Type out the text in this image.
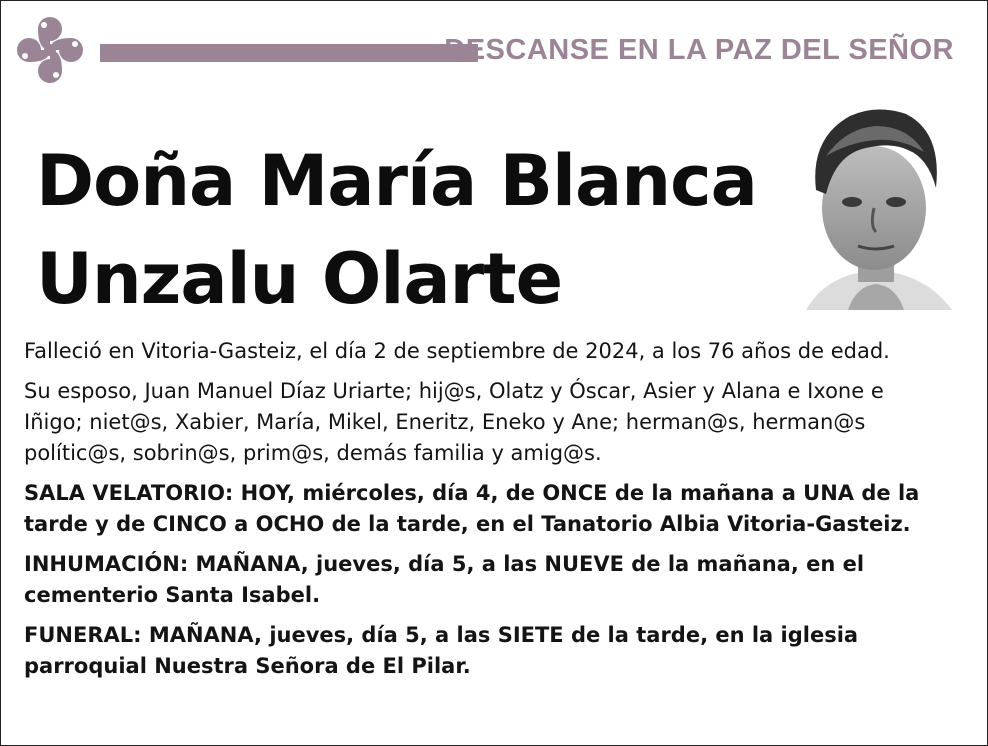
DESCANSE EN LA PAZ DEL SEÑOR
Doña María Blanca
Unzalu Olarte

Falleció en Vitoria-Gasteiz, el día 2 de septiembre de 2024, a los 76 años de edad.

Su esposo, Juan Manuel Díaz Uriarte; hij@s, Olatz y Óscar, Asier y Alana e Ixone e
Iñigo; niet@s, Xabier, María, Mikel, Eneritz, Eneko y Ane; herman@s, herman@s
polític@s, sobrin@s, prim@s, demás familia y amig@s.

SALA VELATORIO: HOY, miércoles, día 4, de ONCE de la mañana a UNA de la
tarde y de CINCO a OCHO de la tarde, en el Tanatorio Albia Vitoria-Gasteiz.

INHUMACIÓN: MAÑANA, jueves, día 5, a las NUEVE de la mañana, en el
cementerio Santa Isabel.

FUNERAL: MAÑANA, jueves, día 5, a las SIETE de la tarde, en la iglesia
parroquial Nuestra Señora de El Pilar.
